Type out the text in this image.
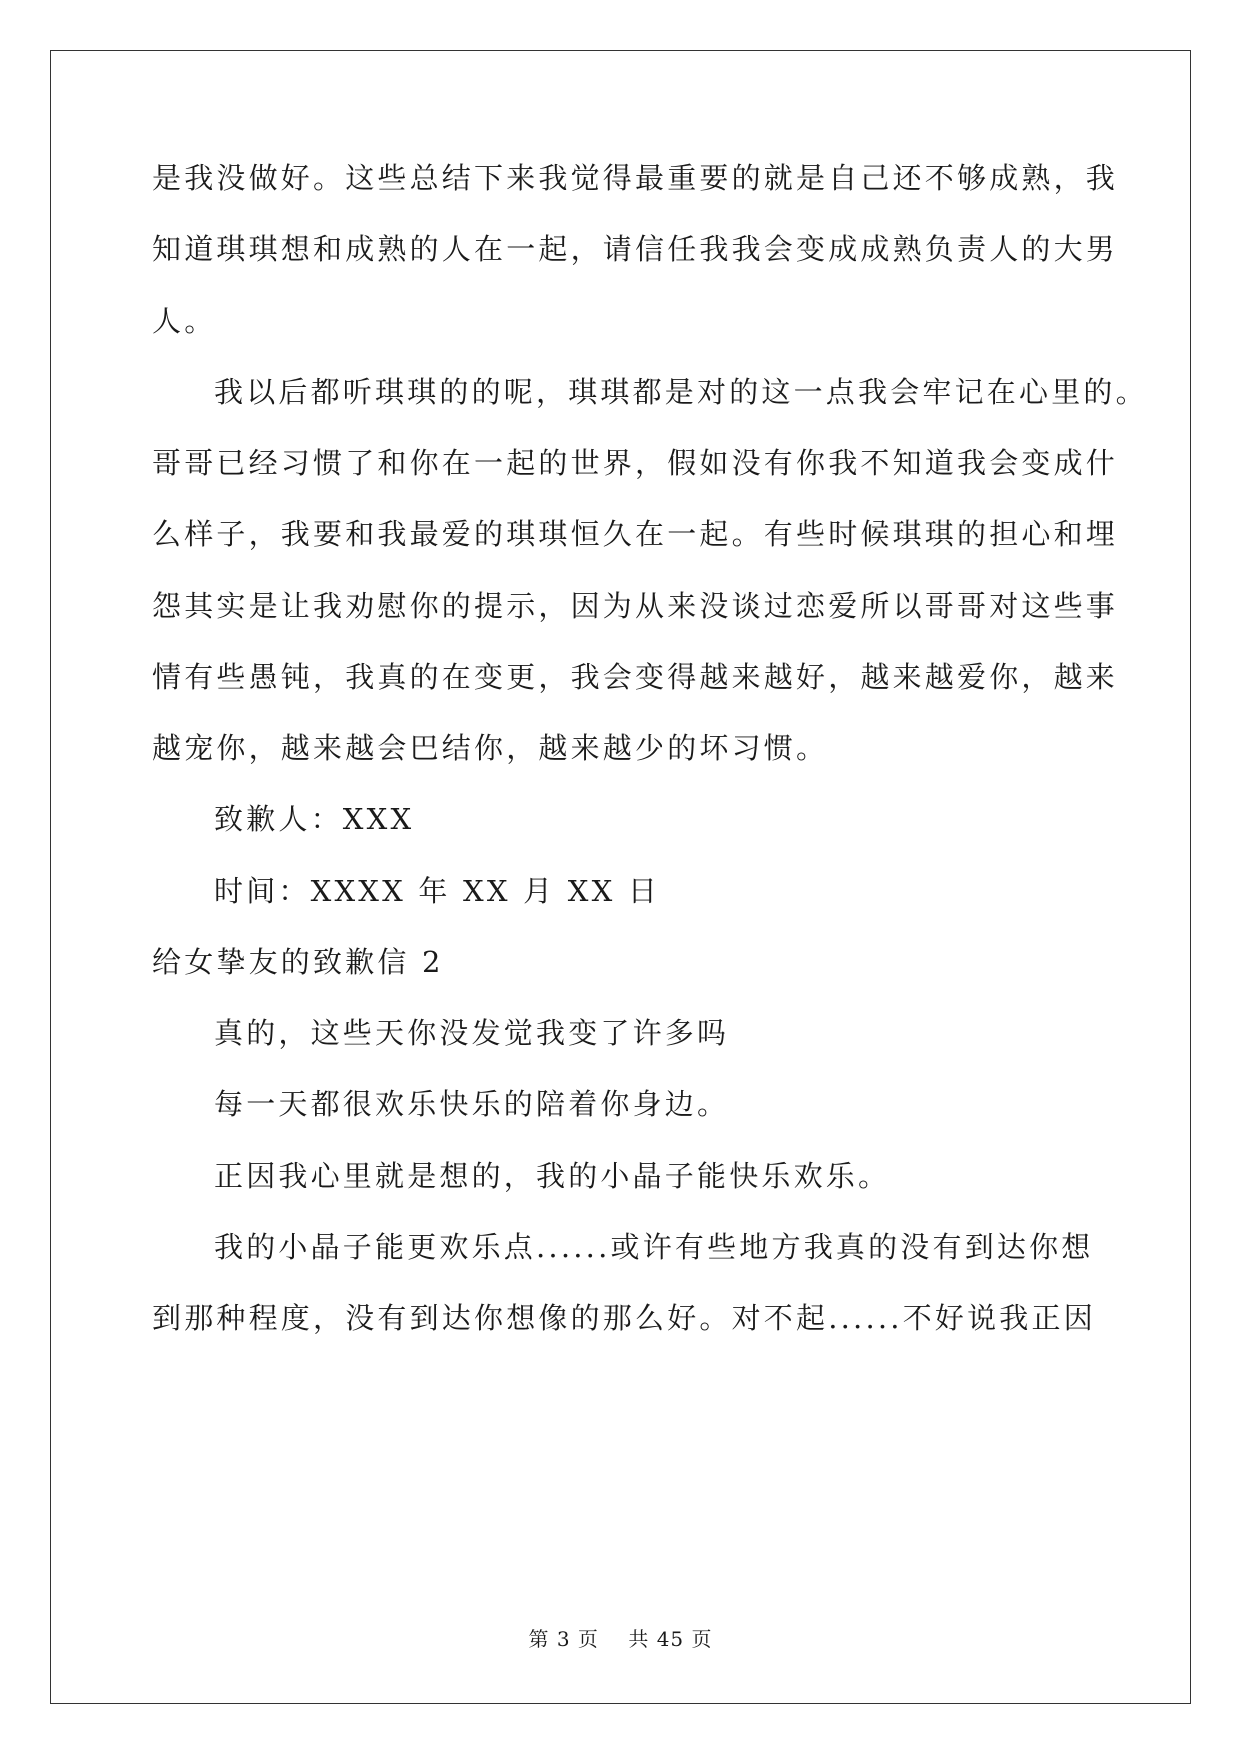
是我没做好。这些总结下来我觉得最重要的就是自己还不够成熟，我
知道琪琪想和成熟的人在一起，请信任我我会变成成熟负责人的大男
人。
我以后都听琪琪的的呢，琪琪都是对的这一点我会牢记在心里的。
哥哥已经习惯了和你在一起的世界，假如没有你我不知道我会变成什
么样子，我要和我最爱的琪琪恒久在一起。有些时候琪琪的担心和埋
怨其实是让我劝慰你的提示，因为从来没谈过恋爱所以哥哥对这些事
情有些愚钝，我真的在变更，我会变得越来越好，越来越爱你，越来
越宠你，越来越会巴结你，越来越少的坏习惯。
致歉人：XXX
时间：XXXX 年 XX 月 XX 日
给女挚友的致歉信 2
真的，这些天你没发觉我变了许多吗
每一天都很欢乐快乐的陪着你身边。
正因我心里就是想的，我的小晶子能快乐欢乐。
我的小晶子能更欢乐点......或许有些地方我真的没有到达你想
到那种程度，没有到达你想像的那么好。对不起......不好说我正因
第 3 页    共 45 页
